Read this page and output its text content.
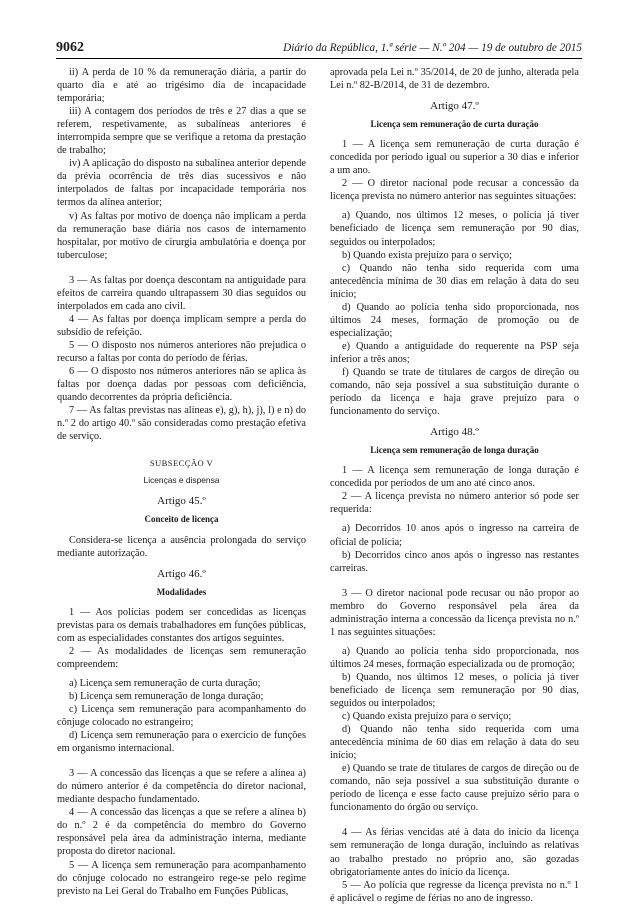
9062	Diário da República, 1.ª série — N.º 204 — 19 de outubro de 2015

ii) A perda de 10 % da remuneração diária, a partir do quarto dia e até ao trigésimo dia de incapacidade temporária;

iii) A contagem dos períodos de três e 27 dias a que se referem, respetivamente, as subalíneas anteriores é interrompida sempre que se verifique a retoma da prestação de trabalho;

iv) A aplicação do disposto na subalínea anterior depende da prévia ocorrência de três dias sucessivos e não interpolados de faltas por incapacidade temporária nos termos da alínea anterior;

v) As faltas por motivo de doença não implicam a perda da remuneração base diária nos casos de internamento hospitalar, por motivo de cirurgia ambulatória e doença por tuberculose;

3 — As faltas por doença descontam na antiguidade para efeitos de carreira quando ultrapassem 30 dias seguidos ou interpolados em cada ano civil.

4 — As faltas por doença implicam sempre a perda do subsídio de refeição.

5 — O disposto nos números anteriores não prejudica o recurso a faltas por conta do período de férias.

6 — O disposto nos números anteriores não se aplica às faltas por doença dadas por pessoas com deficiência, quando decorrentes da própria deficiência.

7 — As faltas previstas nas alíneas e), g), h), j), l) e n) do n.º 2 do artigo 40.º são consideradas como prestação efetiva de serviço.

SUBSECÇÃO V

Licenças e dispensa

Artigo 45.º

Conceito de licença

Considera-se licença a ausência prolongada do serviço mediante autorização.

Artigo 46.º

Modalidades

1 — Aos polícias podem ser concedidas as licenças previstas para os demais trabalhadores em funções públicas, com as especialidades constantes dos artigos seguintes.

2 — As modalidades de licenças sem remuneração compreendem:

a) Licença sem remuneração de curta duração;

b) Licença sem remuneração de longa duração;

c) Licença sem remuneração para acompanhamento do cônjuge colocado no estrangeiro;

d) Licença sem remuneração para o exercício de funções em organismo internacional.

3 — A concessão das licenças a que se refere a alínea a) do número anterior é da competência do diretor nacional, mediante despacho fundamentado.

4 — A concessão das licenças a que se refere a alínea b) do n.º 2 é da competência do membro do Governo responsável pela área da administração interna, mediante proposta do diretor nacional.

5 — A licença sem remuneração para acompanhamento do cônjuge colocado no estrangeiro rege-se pelo regime previsto na Lei Geral do Trabalho em Funções Públicas,

aprovada pela Lei n.º 35/2014, de 20 de junho, alterada pela Lei n.º 82-B/2014, de 31 de dezembro.

Artigo 47.º

Licença sem remuneração de curta duração

1 — A licença sem remuneração de curta duração é concedida por período igual ou superior a 30 dias e inferior a um ano.

2 — O diretor nacional pode recusar a concessão da licença prevista no número anterior nas seguintes situações:

a) Quando, nos últimos 12 meses, o polícia já tiver beneficiado de licença sem remuneração por 90 dias, seguidos ou interpolados;

b) Quando exista prejuízo para o serviço;

c) Quando não tenha sido requerida com uma antecedência mínima de 30 dias em relação à data do seu início;

d) Quando ao polícia tenha sido proporcionada, nos últimos 24 meses, formação de promoção ou de especialização;

e) Quando a antiguidade do requerente na PSP seja inferior a três anos;

f) Quando se trate de titulares de cargos de direção ou comando, não seja possível a sua substituição durante o período da licença e haja grave prejuízo para o funcionamento do serviço.

Artigo 48.º

Licença sem remuneração de longa duração

1 — A licença sem remuneração de longa duração é concedida por períodos de um ano até cinco anos.

2 — A licença prevista no número anterior só pode ser requerida:

a) Decorridos 10 anos após o ingresso na carreira de oficial de polícia;

b) Decorridos cinco anos após o ingresso nas restantes carreiras.

3 — O diretor nacional pode recusar ou não propor ao membro do Governo responsável pela área da administração interna a concessão da licença prevista no n.º 1 nas seguintes situações:

a) Quando ao polícia tenha sido proporcionada, nos últimos 24 meses, formação especializada ou de promoção;

b) Quando, nos últimos 12 meses, o polícia já tiver beneficiado de licença sem remuneração por 90 dias, seguidos ou interpolados;

c) Quando exista prejuízo para o serviço;

d) Quando não tenha sido requerida com uma antecedência mínima de 60 dias em relação à data do seu início;

e) Quando se trate de titulares de cargos de direção ou de comando, não seja possível a sua substituição durante o período de licença e esse facto cause prejuízo sério para o funcionamento do órgão ou serviço.

4 — As férias vencidas até à data do início da licença sem remuneração de longa duração, incluindo as relativas ao trabalho prestado no próprio ano, são gozadas obrigatoriamente antes do início da licença.

5 — Ao polícia que regresse da licença prevista no n.º 1 é aplicável o regime de férias no ano de ingresso.
